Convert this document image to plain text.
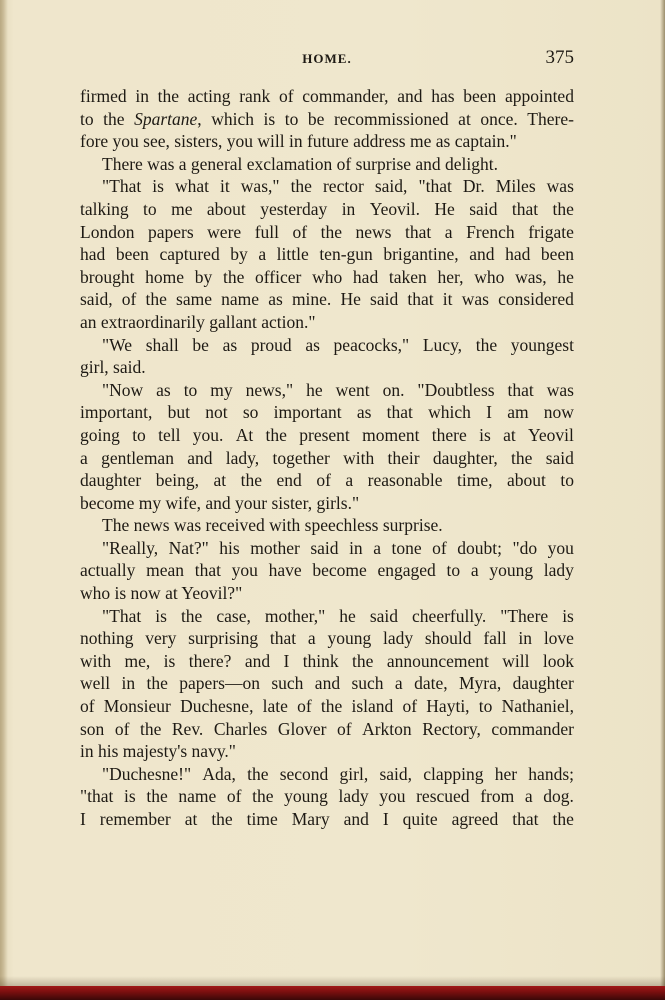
HOME.	375
firmed in the acting rank of commander, and has been appointed
to the Spartane, which is to be recommissioned at once. There-
fore you see, sisters, you will in future address me as captain."
There was a general exclamation of surprise and delight.
"That is what it was," the rector said, "that Dr. Miles was
talking to me about yesterday in Yeovil. He said that the
London papers were full of the news that a French frigate
had been captured by a little ten-gun brigantine, and had been
brought home by the officer who had taken her, who was, he
said, of the same name as mine. He said that it was considered
an extraordinarily gallant action."
"We shall be as proud as peacocks," Lucy, the youngest
girl, said.
"Now as to my news," he went on. "Doubtless that was
important, but not so important as that which I am now
going to tell you. At the present moment there is at Yeovil
a gentleman and lady, together with their daughter, the said
daughter being, at the end of a reasonable time, about to
become my wife, and your sister, girls."
The news was received with speechless surprise.
"Really, Nat?" his mother said in a tone of doubt; "do you
actually mean that you have become engaged to a young lady
who is now at Yeovil?"
"That is the case, mother," he said cheerfully. "There is
nothing very surprising that a young lady should fall in love
with me, is there? and I think the announcement will look
well in the papers—on such and such a date, Myra, daughter
of Monsieur Duchesne, late of the island of Hayti, to Nathaniel,
son of the Rev. Charles Glover of Arkton Rectory, commander
in his majesty's navy."
"Duchesne!" Ada, the second girl, said, clapping her hands;
"that is the name of the young lady you rescued from a dog.
I remember at the time Mary and I quite agreed that the
